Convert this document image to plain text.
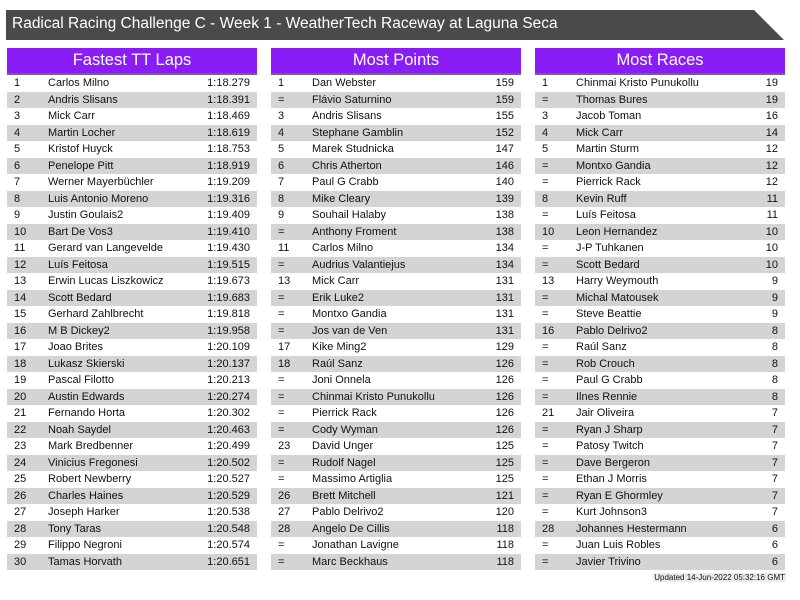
Radical Racing Challenge C - Week 1 - WeatherTech Raceway at Laguna Seca
Fastest TT Laps
1	Carlos Milno	1:18.279
2	Andris Slisans	1:18.391
3	Mick Carr	1:18.469
4	Martin Locher	1:18.619
5	Kristof Huyck	1:18.753
6	Penelope Pitt	1:18.919
7	Werner Mayerbüchler	1:19.209
8	Luis Antonio Moreno	1:19.316
9	Justin Goulais2	1:19.409
10 Bart De Vos3	1:19.410
11 Gerard van Langevelde	1:19.430
12 Luís Feitosa	1:19.515
13 Erwin Lucas Liszkowicz	1:19.673
14 Scott Bedard	1:19.683
15 Gerhard Zahlbrecht	1:19.818
16 M B Dickey2	1:19.958
17 Joao Brites	1:20.109
18 Lukasz Skierski	1:20.137
19 Pascal Filotto	1:20.213
20 Austin Edwards	1:20.274
21 Fernando Horta	1:20.302
22 Noah Saydel	1:20.463
23 Mark Bredbenner	1:20.499
24 Vinicius Fregonesi	1:20.502
25 Robert Newberry	1:20.527
26 Charles Haines	1:20.529
27 Joseph Harker	1:20.538
28 Tony Taras	1:20.548
29 Filippo Negroni	1:20.574
30 Tamas Horvath	1:20.651
Most Points
1	Dan Webster	159
=	Flávio Saturnino	159
3	Andris Slisans	155
4	Stephane Gamblin	152
5	Marek Studnicka	147
6	Chris Atherton	146
7	Paul G Crabb	140
8	Mike Cleary	139
9	Souhail Halaby	138
=	Anthony Froment	138
11 Carlos Milno	134
=	Audrius Valantiejus	134
13 Mick Carr	131
=	Erik Luke2	131
=	Montxo Gandia	131
=	Jos van de Ven	131
17 Kike Ming2	129
18 Raúl Sanz	126
=	Joni Onnela	126
=	Chinmai Kristo Punukollu	126
=	Pierrick Rack	126
=	Cody Wyman	126
23 David Unger	125
=	Rudolf Nagel	125
=	Massimo Artiglia	125
26 Brett Mitchell	121
27 Pablo Delrivo2	120
28 Angelo De Cillis	118
=	Jonathan Lavigne	118
=	Marc Beckhaus	118
Most Races
1	Chinmai Kristo Punukollu	19
=	Thomas Bures	19
3	Jacob Toman	16
4	Mick Carr	14
5	Martin Sturm	12
=	Montxo Gandia	12
=	Pierrick Rack	12
8	Kevin Ruff	11
=	Luís Feitosa	11
10 Leon Hernandez	10
=	J-P Tuhkanen	10
=	Scott Bedard	10
13 Harry Weymouth	9
=	Michal Matousek	9
=	Steve Beattie	9
16 Pablo Delrivo2	8
=	Raúl Sanz	8
=	Rob Crouch	8
=	Paul G Crabb	8
=	Ilnes Rennie	8
21 Jair Oliveira	7
=	Ryan J Sharp	7
=	Patosy Twitch	7
=	Dave Bergeron	7
=	Ethan J Morris	7
=	Ryan E Ghormley	7
=	Kurt Johnson3	7
28 Johannes Hestermann	6
=	Juan Luis Robles	6
=	Javier Trivino	6
Updated 14-Jun-2022 05:32:16 GMT
